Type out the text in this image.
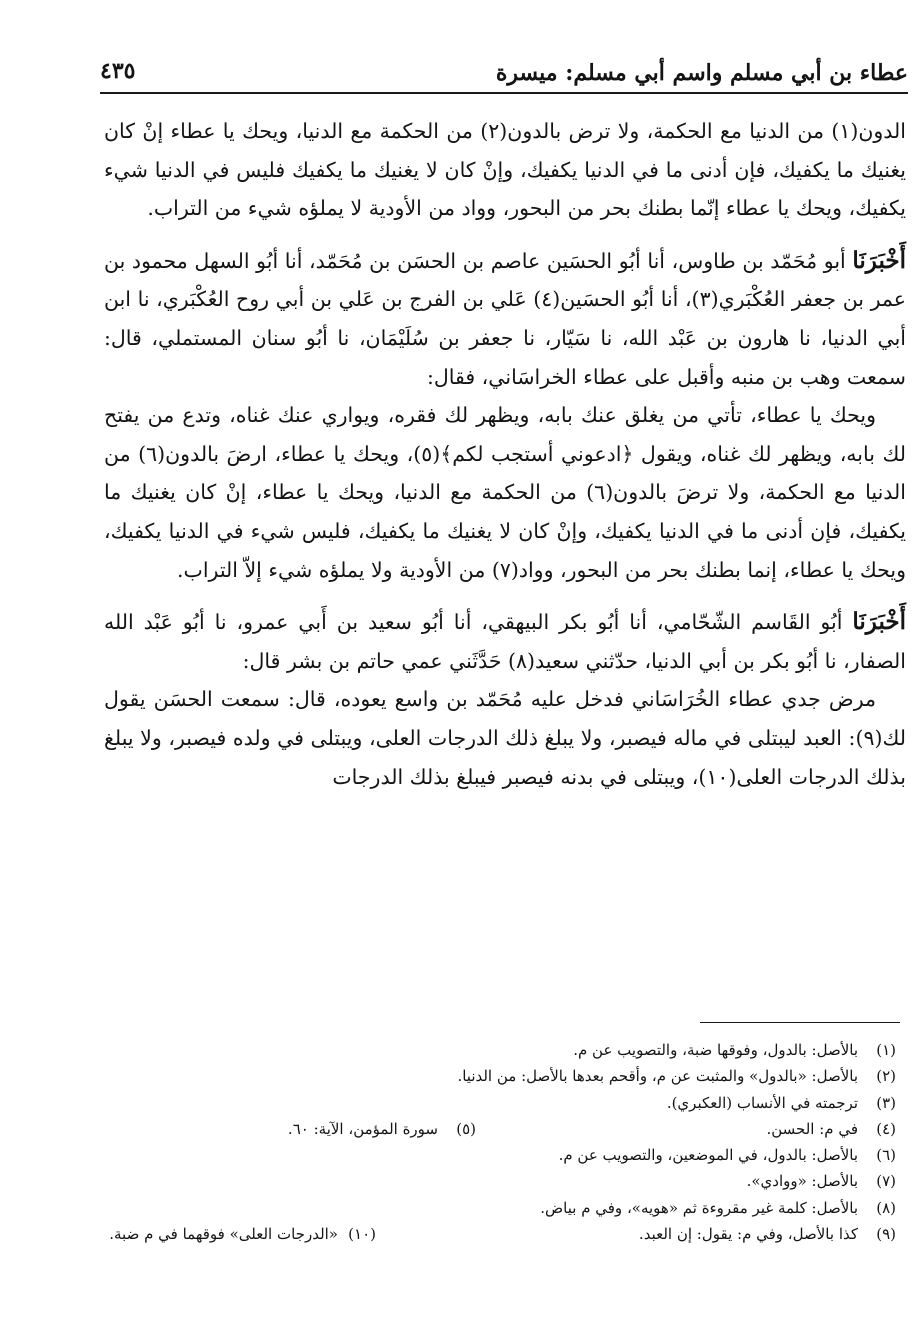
عطاء بن أبي مسلم واسم أبي مسلم: ميسرة
٤٣٥

الدون(١) من الدنيا مع الحكمة، ولا ترض بالدون(٢) من الحكمة مع الدنيا، ويحك يا عطاء إنْ كان يغنيك ما يكفيك، فإن أدنى ما في الدنيا يكفيك، وإنْ كان لا يغنيك ما يكفيك فليس في الدنيا شيء يكفيك، ويحك يا عطاء إنّما بطنك بحر من البحور، وواد من الأودية لا يملؤه شيء من التراب.

أَخْبَرَنَا أبو مُحَمّد بن طاوس، أنا أبُو الحسَين عاصم بن الحسَن بن مُحَمّد، أنا أبُو السهل محمود بن عمر بن جعفر العُكْبَري(٣)، أنا أبُو الحسَين(٤) عَلي بن الفرج بن عَلي بن أبي روح العُكْبَري، نا ابن أبي الدنيا، نا هارون بن عَبْد الله، نا سَيّار، نا جعفر بن سُلَيْمَان، نا أبُو سنان المستملي، قال: سمعت وهب بن منبه وأقبل على عطاء الخراسَاني، فقال:

ويحك يا عطاء، تأتي من يغلق عنك بابه، ويظهر لك فقره، ويواري عنك غناه، وتدع من يفتح لك بابه، ويظهر لك غناه، ويقول ﴿ادعوني أستجب لكم﴾(٥)، ويحك يا عطاء، ارضَ بالدون(٦) من الدنيا مع الحكمة، ولا ترضَ بالدون(٦) من الحكمة مع الدنيا، ويحك يا عطاء، إنْ كان يغنيك ما يكفيك، فإن أدنى ما في الدنيا يكفيك، وإنْ كان لا يغنيك ما يكفيك، فليس شيء في الدنيا يكفيك، ويحك يا عطاء، إنما بطنك بحر من البحور، وواد(٧) من الأودية ولا يملؤه شيء إلاّ التراب.

أَخْبَرَنَا أبُو القَاسم الشّحّامي، أنا أبُو بكر البيهقي، أنا أبُو سعيد بن أَبي عمرو، نا أبُو عَبْد الله الصفار، نا أبُو بكر بن أبي الدنيا، حدّثني سعيد(٨) حَدَّثَني عمي حاتم بن بشر قال:

مرض جدي عطاء الخُرَاسَاني فدخل عليه مُحَمّد بن واسع يعوده، قال: سمعت الحسَن يقول لك(٩): العبد ليبتلى في ماله فيصبر، ولا يبلغ ذلك الدرجات العلى، ويبتلى في ولده فيصبر، ولا يبلغ بذلك الدرجات العلى(١٠)، ويبتلى في بدنه فيصبر فيبلغ بذلك الدرجات

(١)بالأصل: بالدول، وفوقها ضبة، والتصويب عن م.
(٢)بالأصل: «بالدول» والمثبت عن م، وأقحم بعدها بالأصل: من الدنيا.
(٣)ترجمته في الأنساب (العكبري).
(٤)في م: الحسن.
(٥)سورة المؤمن، الآية: ٦٠.
(٦)بالأصل: بالدول، في الموضعين، والتصويب عن م.
(٧)بالأصل: «ووادي».
(٨)بالأصل: كلمة غير مقروءة ثم «هويه»، وفي م بياض.
(٩)كذا بالأصل، وفي م: يقول: إن العبد.
(١٠)«الدرجات العلى» فوقهما في م ضبة.
